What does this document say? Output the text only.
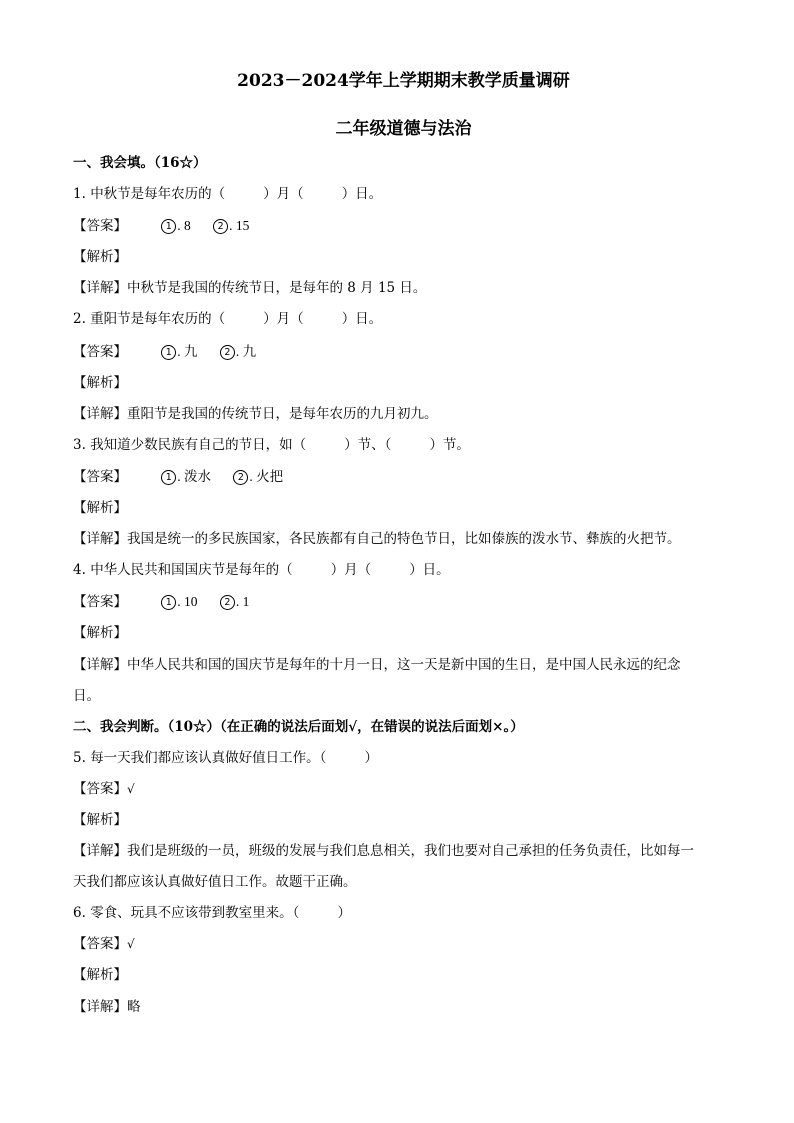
2023－2024学年上学期期末教学质量调研
二年级道德与法治
一、我会填。（16☆）
1. 中秋节是每年农历的（	）月（	）日。
【答案】	1 . 8	2 . 15
【解析】
【详解】中秋节是我国的传统节日，是每年的 8 月 15 日。
2. 重阳节是每年农历的（	）月（	）日。
【答案】	1 . 九	2 . 九
【解析】
【详解】重阳节是我国的传统节日，是每年农历的九月初九。
3. 我知道少数民族有自己的节日，如（	）节、（	）节。
【答案】	1 . 泼水	2 . 火把
【解析】
【详解】我国是统一的多民族国家，各民族都有自己的特色节日，比如傣族的泼水节、彝族的火把节。
4. 中华人民共和国国庆节是每年的（	）月（	）日。
【答案】	1 . 10	2 . 1
【解析】
【详解】中华人民共和国的国庆节是每年的十月一日，这一天是新中国的生日，是中国人民永远的纪念
日。
二、我会判断。（10☆）（在正确的说法后面划√，在错误的说法后面划×。）
5. 每一天我们都应该认真做好值日工作。（	）
【答案】√
【解析】
【详解】我们是班级的一员，班级的发展与我们息息相关，我们也要对自己承担的任务负责任，比如每一
天我们都应该认真做好值日工作。故题干正确。
6. 零食、玩具不应该带到教室里来。（	）
【答案】√
【解析】
【详解】略
